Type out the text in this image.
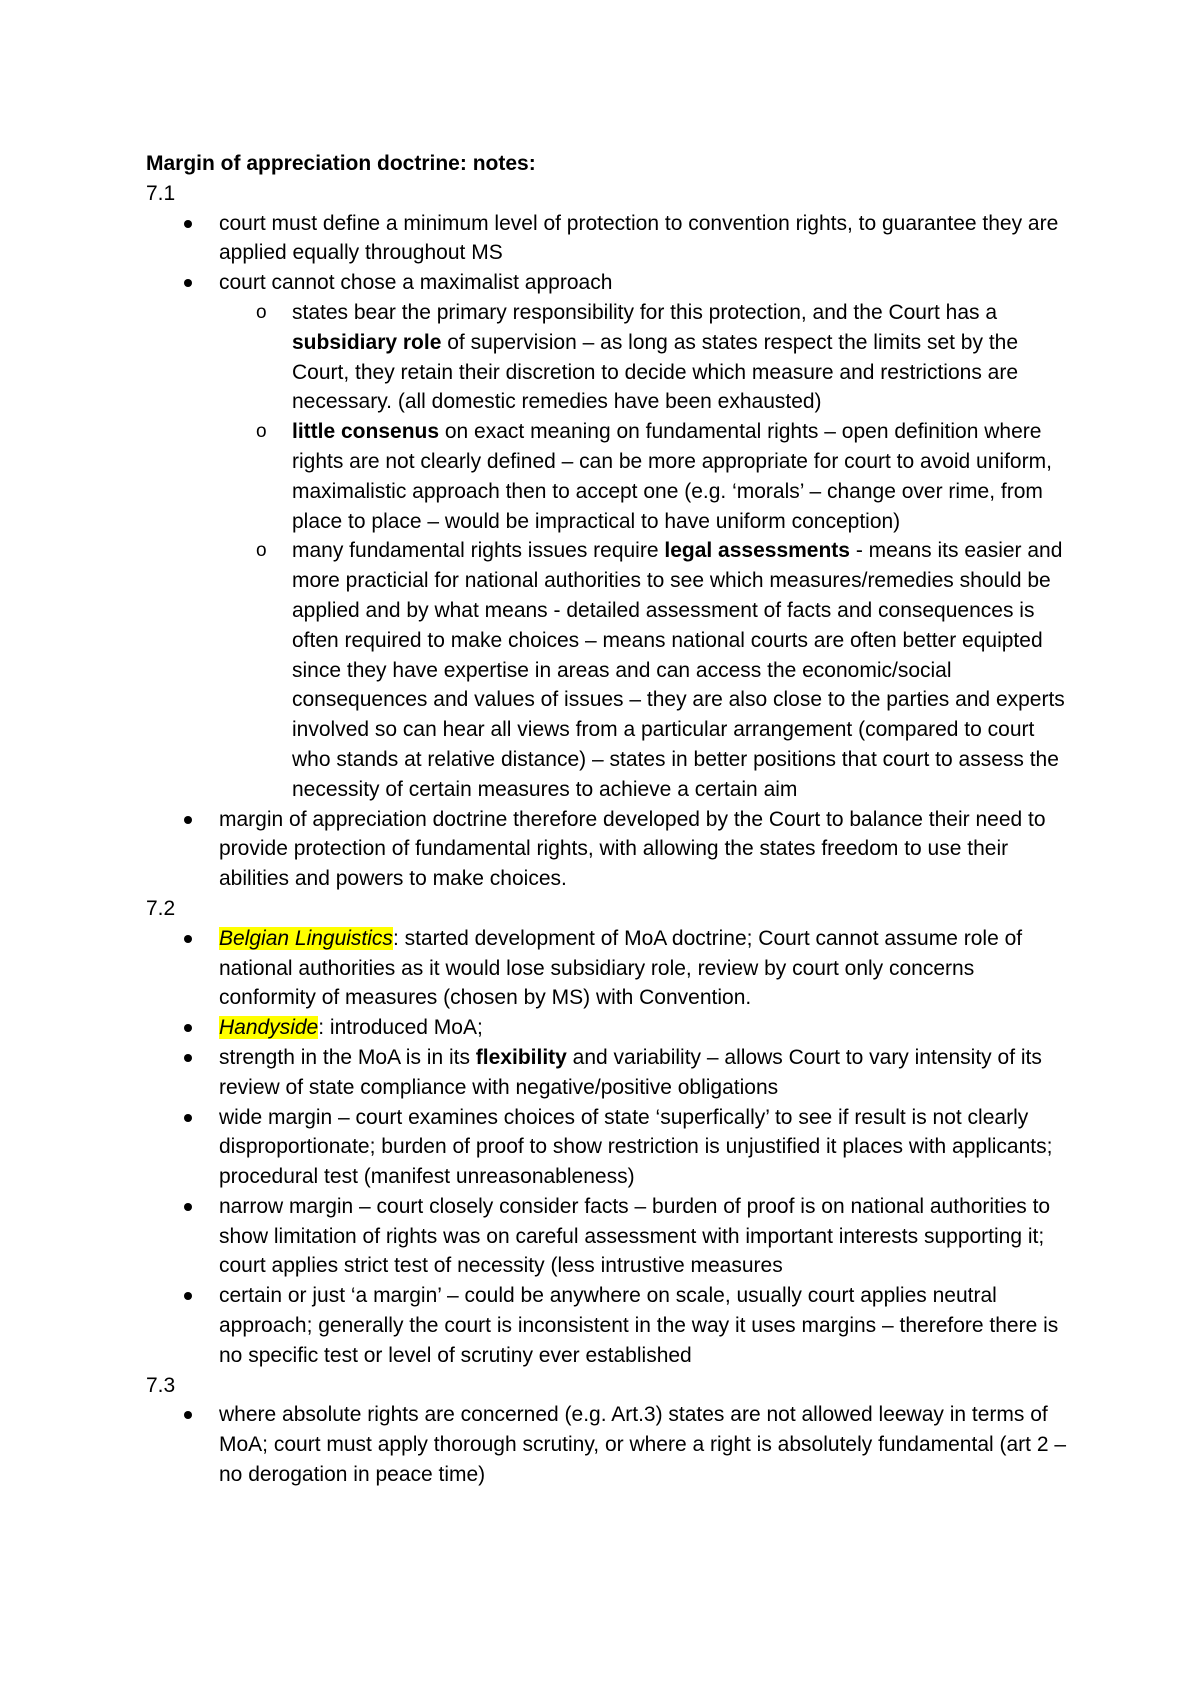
Margin of appreciation doctrine: notes:

7.1

court must define a minimum level of protection to convention rights, to guarantee they are applied equally throughout MS
court cannot chose a maximalist approach
o states bear the primary responsibility for this protection, and the Court has a subsidiary role of supervision – as long as states respect the limits set by the Court, they retain their discretion to decide which measure and restrictions are necessary. (all domestic remedies have been exhausted)
o little consenus on exact meaning on fundamental rights – open definition where rights are not clearly defined – can be more appropriate for court to avoid uniform, maximalistic approach then to accept one (e.g. ‘morals’ – change over rime, from place to place – would be impractical to have uniform conception)
o many fundamental rights issues require legal assessments - means its easier and more practicial for national authorities to see which measures/remedies should be applied and by what means - detailed assessment of facts and consequences is often required to make choices – means national courts are often better equipted since they have expertise in areas and can access the economic/social consequences and values of issues – they are also close to the parties and experts involved so can hear all views from a particular arrangement (compared to court who stands at relative distance) – states in better positions that court to assess the necessity of certain measures to achieve a certain aim
margin of appreciation doctrine therefore developed by the Court to balance their need to provide protection of fundamental rights, with allowing the states freedom to use their abilities and powers to make choices.

7.2

Belgian Linguistics: started development of MoA doctrine; Court cannot assume role of national authorities as it would lose subsidiary role, review by court only concerns conformity of measures (chosen by MS) with Convention.
Handyside: introduced MoA;
strength in the MoA is in its flexibility and variability – allows Court to vary intensity of its review of state compliance with negative/positive obligations
wide margin – court examines choices of state ‘superfically’ to see if result is not clearly disproportionate; burden of proof to show restriction is unjustified it places with applicants; procedural test (manifest unreasonableness)
narrow margin – court closely consider facts – burden of proof is on national authorities to show limitation of rights was on careful assessment with important interests supporting it; court applies strict test of necessity (less intrustive measures
certain or just ‘a margin’ – could be anywhere on scale, usually court applies neutral approach; generally the court is inconsistent in the way it uses margins – therefore there is no specific test or level of scrutiny ever established

7.3

where absolute rights are concerned (e.g. Art.3) states are not allowed leeway in terms of MoA; court must apply thorough scrutiny, or where a right is absolutely fundamental (art 2 – no derogation in peace time)
